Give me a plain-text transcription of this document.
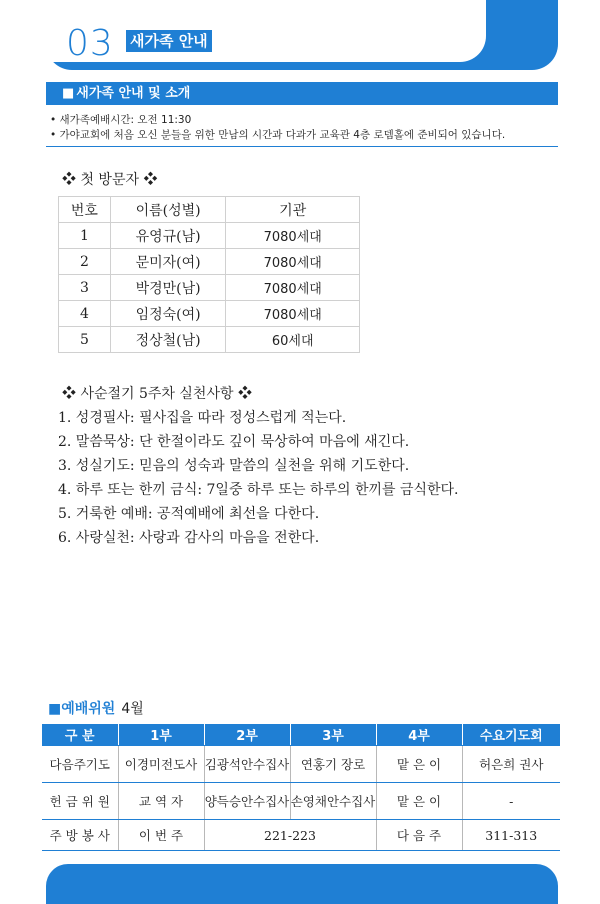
03 새가족 안내
■ 새가족 안내 및 소개
• 새가족예배시간: 오전 11:30
• 가야교회에 처음 오신 분들을 위한 만남의 시간과 다과가 교육관 4층 로뎀홀에 준비되어 있습니다.
❖ 첫 방문자 ❖
번호	이름(성별)	기관
1	유영규(남)	7080세대
2	문미자(여)	7080세대
3	박경만(남)	7080세대
4	임정숙(여)	7080세대
5	정상철(남)	60세대
❖ 사순절기 5주차 실천사항 ❖
1. 성경필사: 필사집을 따라 정성스럽게 적는다.
2. 말씀묵상: 단 한절이라도 깊이 묵상하여 마음에 새긴다.
3. 성실기도: 믿음의 성숙과 말씀의 실천을 위해 기도한다.
4. 하루 또는 한끼 금식: 7일중 하루 또는 하루의 한끼를 금식한다.
5. 거룩한 예배: 공적예배에 최선을 다한다.
6. 사랑실천: 사랑과 감사의 마음을 전한다.
■예배위원 4월
구 분	1부	2부	3부	4부	수요기도회
다음주기도	이경미전도사	김광석안수집사	연홍기 장로	맡 은 이	허은희 권사
헌 금 위 원	교 역 자	양득승안수집사	손영채안수집사	맡 은 이	-
주 방 봉 사	이 번 주	221-223		다 음 주	311-313
